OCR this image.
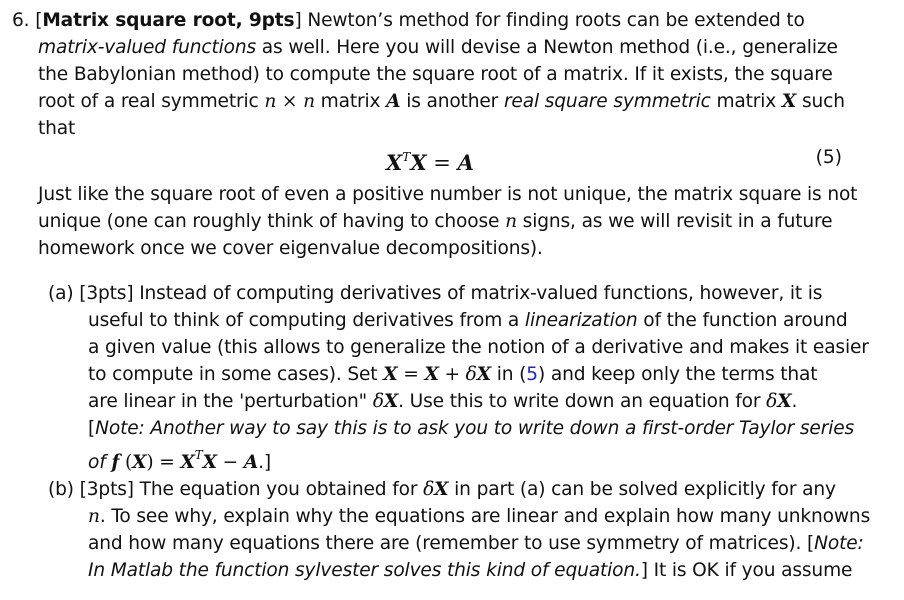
6. [Matrix square root, 9pts] Newton’s method for finding roots can be extended to
matrix-valued functions as well. Here you will devise a Newton method (i.e., generalize
the Babylonian method) to compute the square root of a matrix. If it exists, the square
root of a real symmetric n × n matrix A is another real square symmetric matrix X such
that
$X^TX = A$	(5)
Just like the square root of even a positive number is not unique, the matrix square is not
unique (one can roughly think of having to choose n signs, as we will revisit in a future
homework once we cover eigenvalue decompositions).
(a) [3pts] Instead of computing derivatives of matrix-valued functions, however, it is
useful to think of computing derivatives from a linearization of the function around
a given value (this allows to generalize the notion of a derivative and makes it easier
to compute in some cases). Set X = X + δX in (5) and keep only the terms that
are linear in the 'perturbation" δX. Use this to write down an equation for δX.
[Note: Another way to say this is to ask you to write down a first-order Taylor series
of f $(X) = X^TX - A$.]
(b) [3pts] The equation you obtained for δX in part (a) can be solved explicitly for any
n. To see why, explain why the equations are linear and explain how many unknowns
and how many equations there are (remember to use symmetry of matrices). [Note:
In Matlab the function sylvester solves this kind of equation.] It is OK if you assume
